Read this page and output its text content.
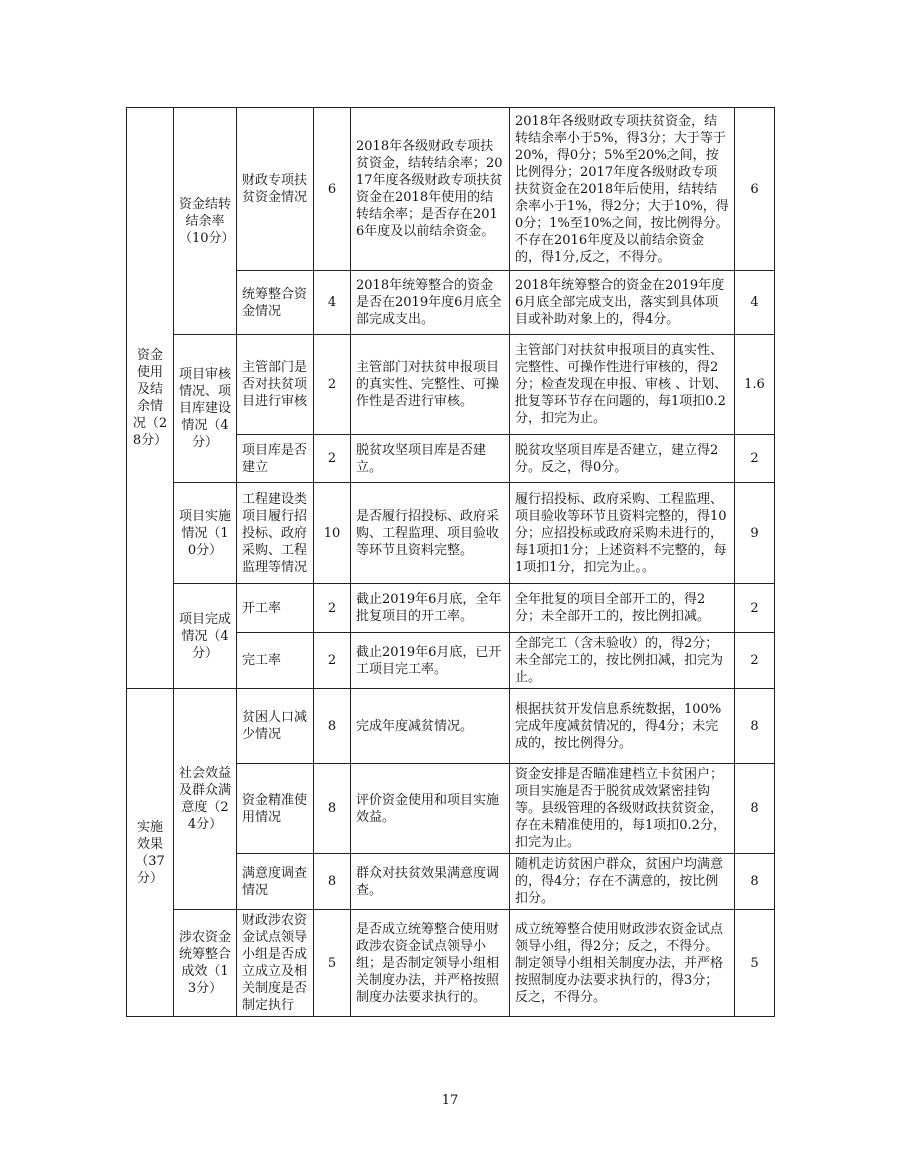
资金使用及结余情况（28分）	资金结转结余率（10分）	财政专项扶贫资金情况	6	2018年各级财政专项扶贫资金，结转结余率；2017年度各级财政专项扶贫资金在2018年使用的结转结余率；是否存在2016年度及以前结余资金。	2018年各级财政专项扶贫资金，结转结余率小于5%，得3分；大于等于20%，得0分；5%至20%之间，按比例得分；2017年度各级财政专项扶贫资金在2018年后使用，结转结余率小于1%，得2分；大于10%，得0分；1%至10%之间，按比例得分。不存在2016年度及以前结余资金的，得1分,反之，不得分。	6
		统筹整合资金情况	4	2018年统筹整合的资金是否在2019年度6月底全部完成支出。	2018年统筹整合的资金在2019年度6月底全部完成支出，落实到具体项目或补助对象上的，得4分。	4
	项目审核情况、项目库建设情况（4分）	主管部门是否对扶贫项目进行审核	2	主管部门对扶贫申报项目的真实性、完整性、可操作性是否进行审核。	主管部门对扶贫申报项目的真实性、完整性、可操作性进行审核的，得2分；检查发现在申报、审核 、计划、批复等环节存在问题的，每1项扣0.2分，扣完为止。	1.6
		项目库是否建立	2	脱贫攻坚项目库是否建立。	脱贫攻坚项目库是否建立，建立得2分。反之，得0分。	2
	项目实施情况（10分）	工程建设类项目履行招投标、政府采购、工程监理等情况	10	是否履行招投标、政府采购、工程监理、项目验收等环节且资料完整。	履行招投标、政府采购、工程监理、项目验收等环节且资料完整的，得10分；应招投标或政府采购未进行的，每1项扣1分；上述资料不完整的，每1项扣1分，扣完为止。。	9
	项目完成情况（4分）	开工率	2	截止2019年6月底，全年批复项目的开工率。	全年批复的项目全部开工的，得2分；未全部开工的，按比例扣减。	2
		完工率	2	截止2019年6月底，已开工项目完工率。	全部完工（含未验收）的，得2分；未全部完工的，按比例扣减，扣完为止。	2
实施效果（37分）	社会效益及群众满意度（24分）	贫困人口减少情况	8	完成年度减贫情况。	根据扶贫开发信息系统数据，100%完成年度减贫情况的，得4分；未完成的，按比例得分。	8
		资金精准使用情况	8	评价资金使用和项目实施效益。	资金安排是否瞄准建档立卡贫困户；项目实施是否于脱贫成效紧密挂钩等。县级管理的各级财政扶贫资金，存在未精准使用的，每1项扣0.2分，扣完为止。	8
		满意度调查情况	8	群众对扶贫效果满意度调查。	随机走访贫困户群众，贫困户均满意的，得4分；存在不满意的，按比例扣分。	8
	涉农资金统筹整合成效（13分）	财政涉农资金试点领导小组是否成立成立及相关制度是否制定执行	5	是否成立统筹整合使用财政涉农资金试点领导小组；是否制定领导小组相关制度办法，并严格按照制度办法要求执行的。	成立统筹整合使用财政涉农资金试点领导小组，得2分；反之，不得分。制定领导小组相关制度办法，并严格按照制度办法要求执行的，得3分；反之，不得分。	5
17
